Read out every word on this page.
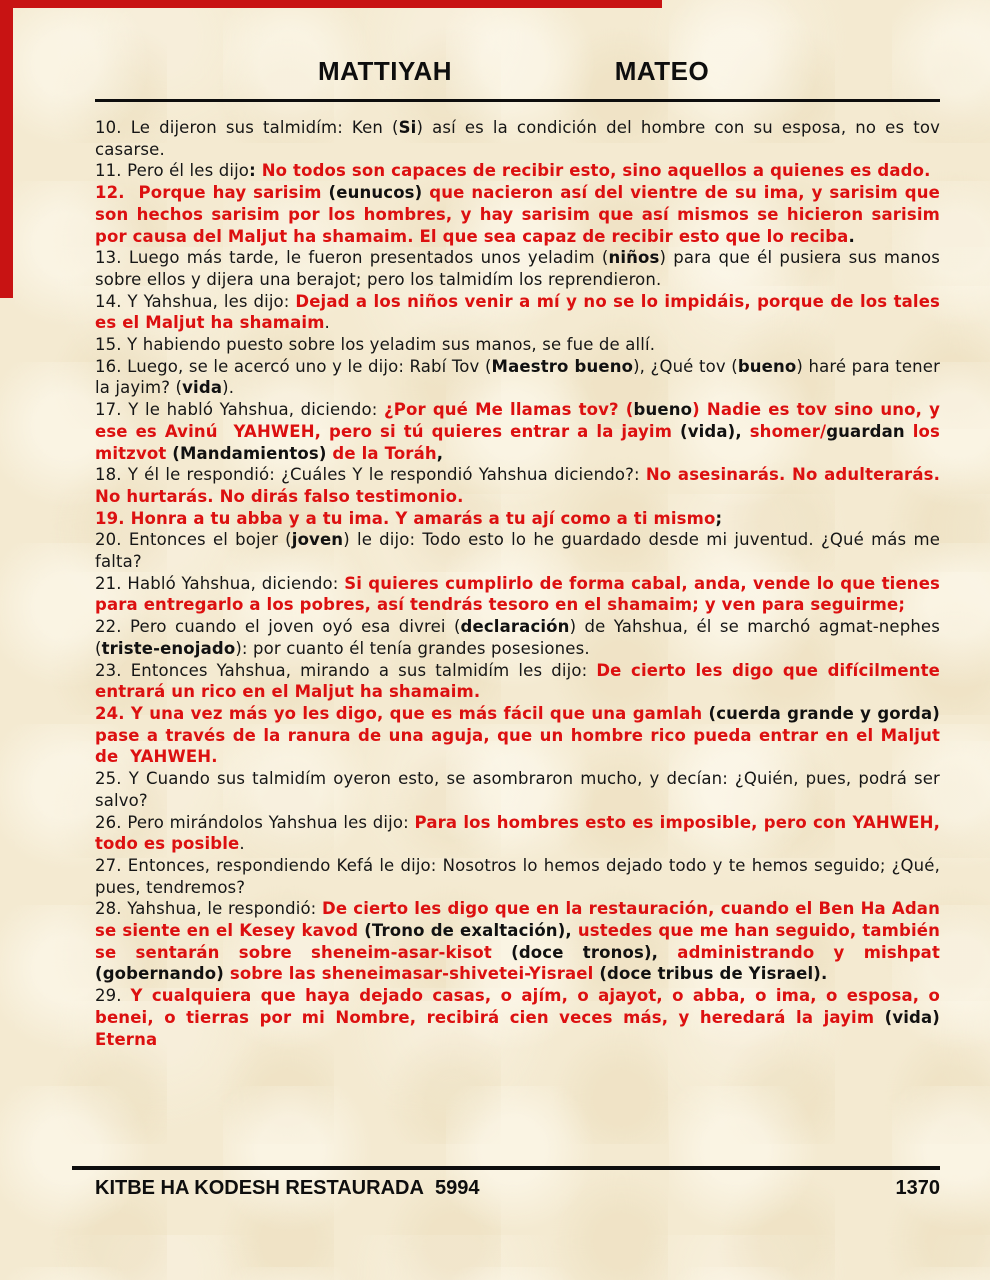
MATTIYAH	MATEO

10. Le dijeron sus talmidím: Ken (Si) así es la condición del hombre con su esposa, no es tov casarse.

11. Pero él les dijo: No todos son capaces de recibir esto, sino aquellos a quienes es dado.

12.  Porque hay sarisim (eunucos) que nacieron así del vientre de su ima, y sarisim que son hechos sarisim por los hombres, y hay sarisim que así mismos se hicieron sarisim por causa del Maljut ha shamaim. El que sea capaz de recibir esto que lo reciba.

13. Luego más tarde, le fueron presentados unos yeladim (niños) para que él pusiera sus manos sobre ellos y dijera una berajot; pero los talmidím los reprendieron.

14. Y Yahshua, les dijo: Dejad a los niños venir a mí y no se lo impidáis, porque de los tales es el Maljut ha shamaim.

15. Y habiendo puesto sobre los yeladim sus manos, se fue de allí.

16. Luego, se le acercó uno y le dijo: Rabí Tov (Maestro bueno), ¿Qué tov (bueno) haré para tener la jayim? (vida).

17. Y le habló Yahshua, diciendo: ¿Por qué Me llamas tov? (bueno) Nadie es tov sino uno, y ese es Avinú  YAHWEH, pero si tú quieres entrar a la jayim (vida), shomer/guardan los mitzvot (Mandamientos) de la Toráh,

18. Y él le respondió: ¿Cuáles Y le respondió Yahshua diciendo?: No asesinarás. No adulterarás. No hurtarás. No dirás falso testimonio.

19. Honra a tu abba y a tu ima. Y amarás a tu ají como a ti mismo;

20. Entonces el bojer (joven) le dijo: Todo esto lo he guardado desde mi juventud. ¿Qué más me falta?

21. Habló Yahshua, diciendo: Si quieres cumplirlo de forma cabal, anda, vende lo que tienes para entregarlo a los pobres, así tendrás tesoro en el shamaim; y ven para seguirme;

22. Pero cuando el joven oyó esa divrei (declaración) de Yahshua, él se marchó agmat-nephes (triste-enojado): por cuanto él tenía grandes posesiones.

23. Entonces Yahshua, mirando a sus talmidím les dijo: De cierto les digo que difícilmente entrará un rico en el Maljut ha shamaim.

24. Y una vez más yo les digo, que es más fácil que una gamlah (cuerda grande y gorda) pase a través de la ranura de una aguja, que un hombre rico pueda entrar en el Maljut de  YAHWEH.

25. Y Cuando sus talmidím oyeron esto, se asombraron mucho, y decían: ¿Quién, pues, podrá ser salvo?

26. Pero mirándolos Yahshua les dijo: Para los hombres esto es imposible, pero con YAHWEH, todo es posible.

27. Entonces, respondiendo Kefá le dijo: Nosotros lo hemos dejado todo y te hemos seguido; ¿Qué, pues, tendremos?

28. Yahshua, le respondió: De cierto les digo que en la restauración, cuando el Ben Ha Adan se siente en el Kesey kavod (Trono de exaltación), ustedes que me han seguido, también se sentarán sobre sheneim-asar-kisot (doce tronos), administrando y mishpat (gobernando) sobre las sheneimasar-shivetei-Yisrael (doce tribus de Yisrael).

29. Y cualquiera que haya dejado casas, o ajím, o ajayot, o abba, o ima, o esposa, o benei, o tierras por mi Nombre, recibirá cien veces más, y heredará la jayim (vida) Eterna

KITBE HA KODESH RESTAURADA  5994	1370
